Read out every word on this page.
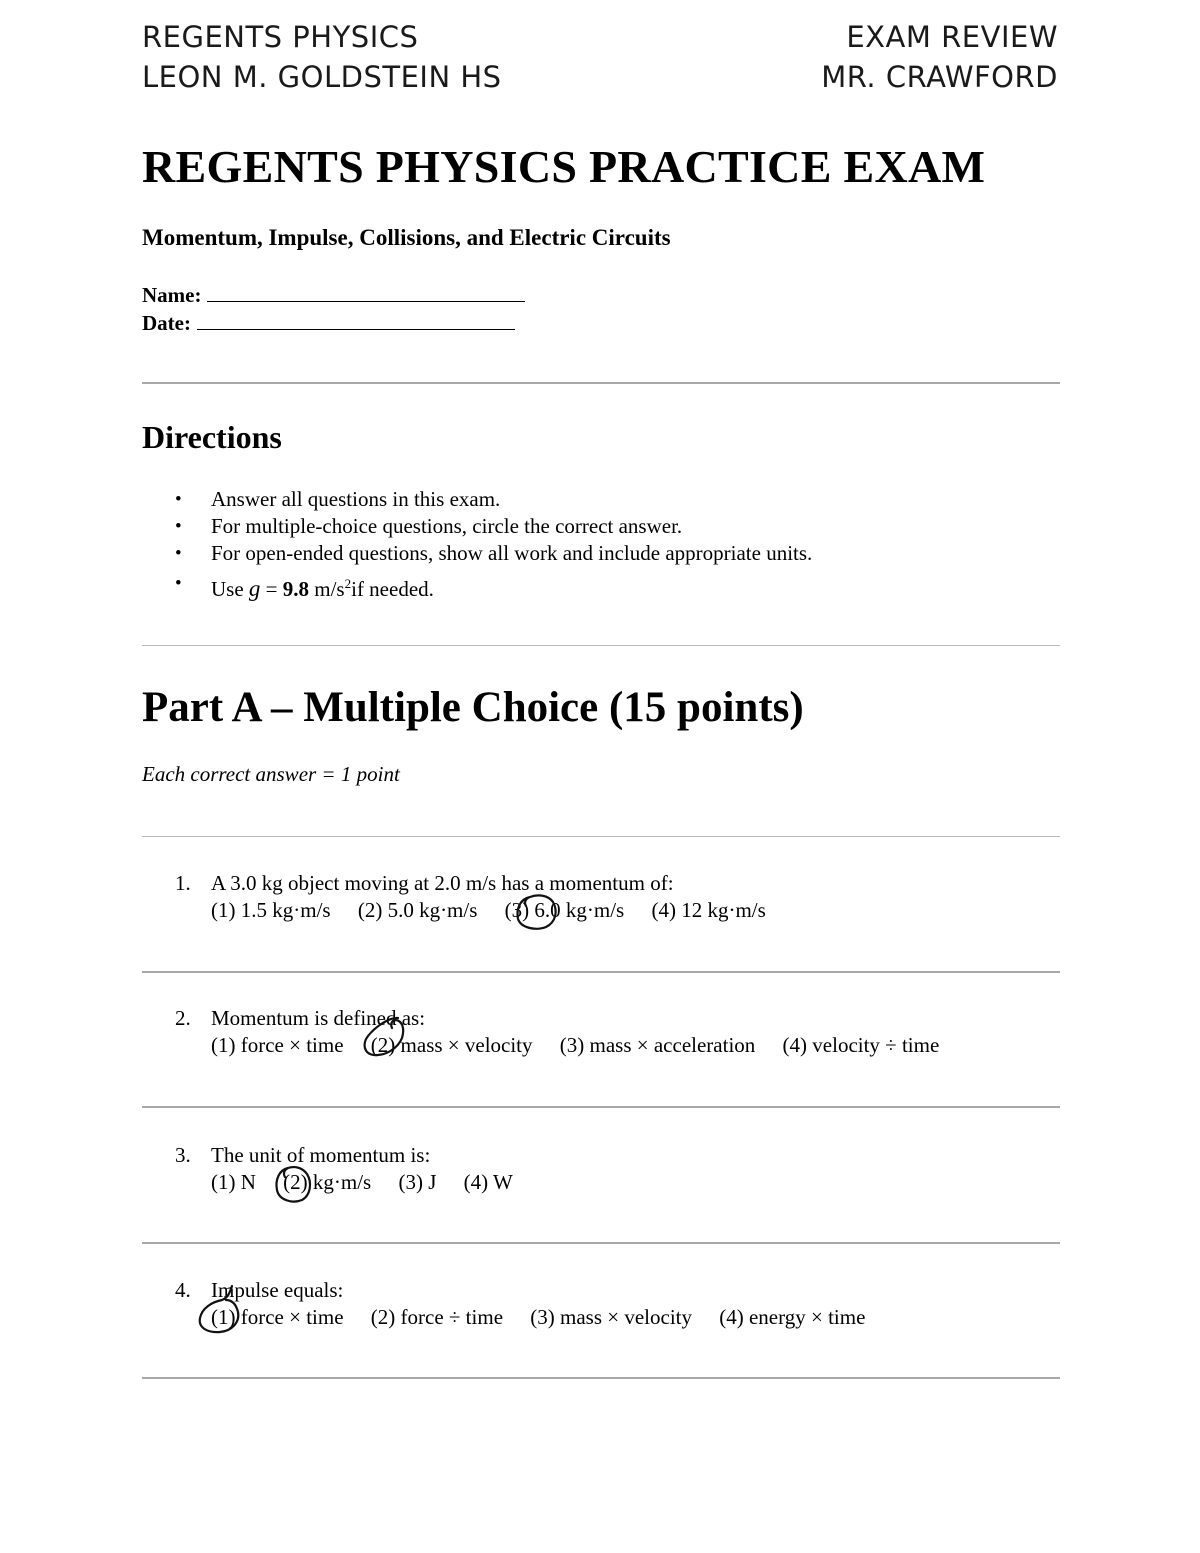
REGENTS PHYSICS	EXAM REVIEW
LEON M. GOLDSTEIN HS	MR. CRAWFORD
REGENTS PHYSICS PRACTICE EXAM
Momentum, Impulse, Collisions, and Electric Circuits
Name:
Date:
Directions
• Answer all questions in this exam.
• For multiple-choice questions, circle the correct answer.
• For open-ended questions, show all work and include appropriate units.
• Use g = 9.8 $m/s^2if$ needed.
Part A – Multiple Choice (15 points)

Each correct answer = 1 point

1. A 3.0 kg object moving at 2.0 m/s has a momentum of:
(1) 1.5 kg·m/s (2) 5.0 kg·m/s (3) 6.0 kg·m/s (4) 12 kg·m/s
2. Momentum is defined as:
(1) force × time (2) mass × velocity (3) mass × acceleration (4) velocity ÷ time
3. The unit of momentum is:
(1) N (2) kg·m/s (3) J (4) W
4. Impulse equals:
(1) force × time (2) force ÷ time (3) mass × velocity (4) energy × time
